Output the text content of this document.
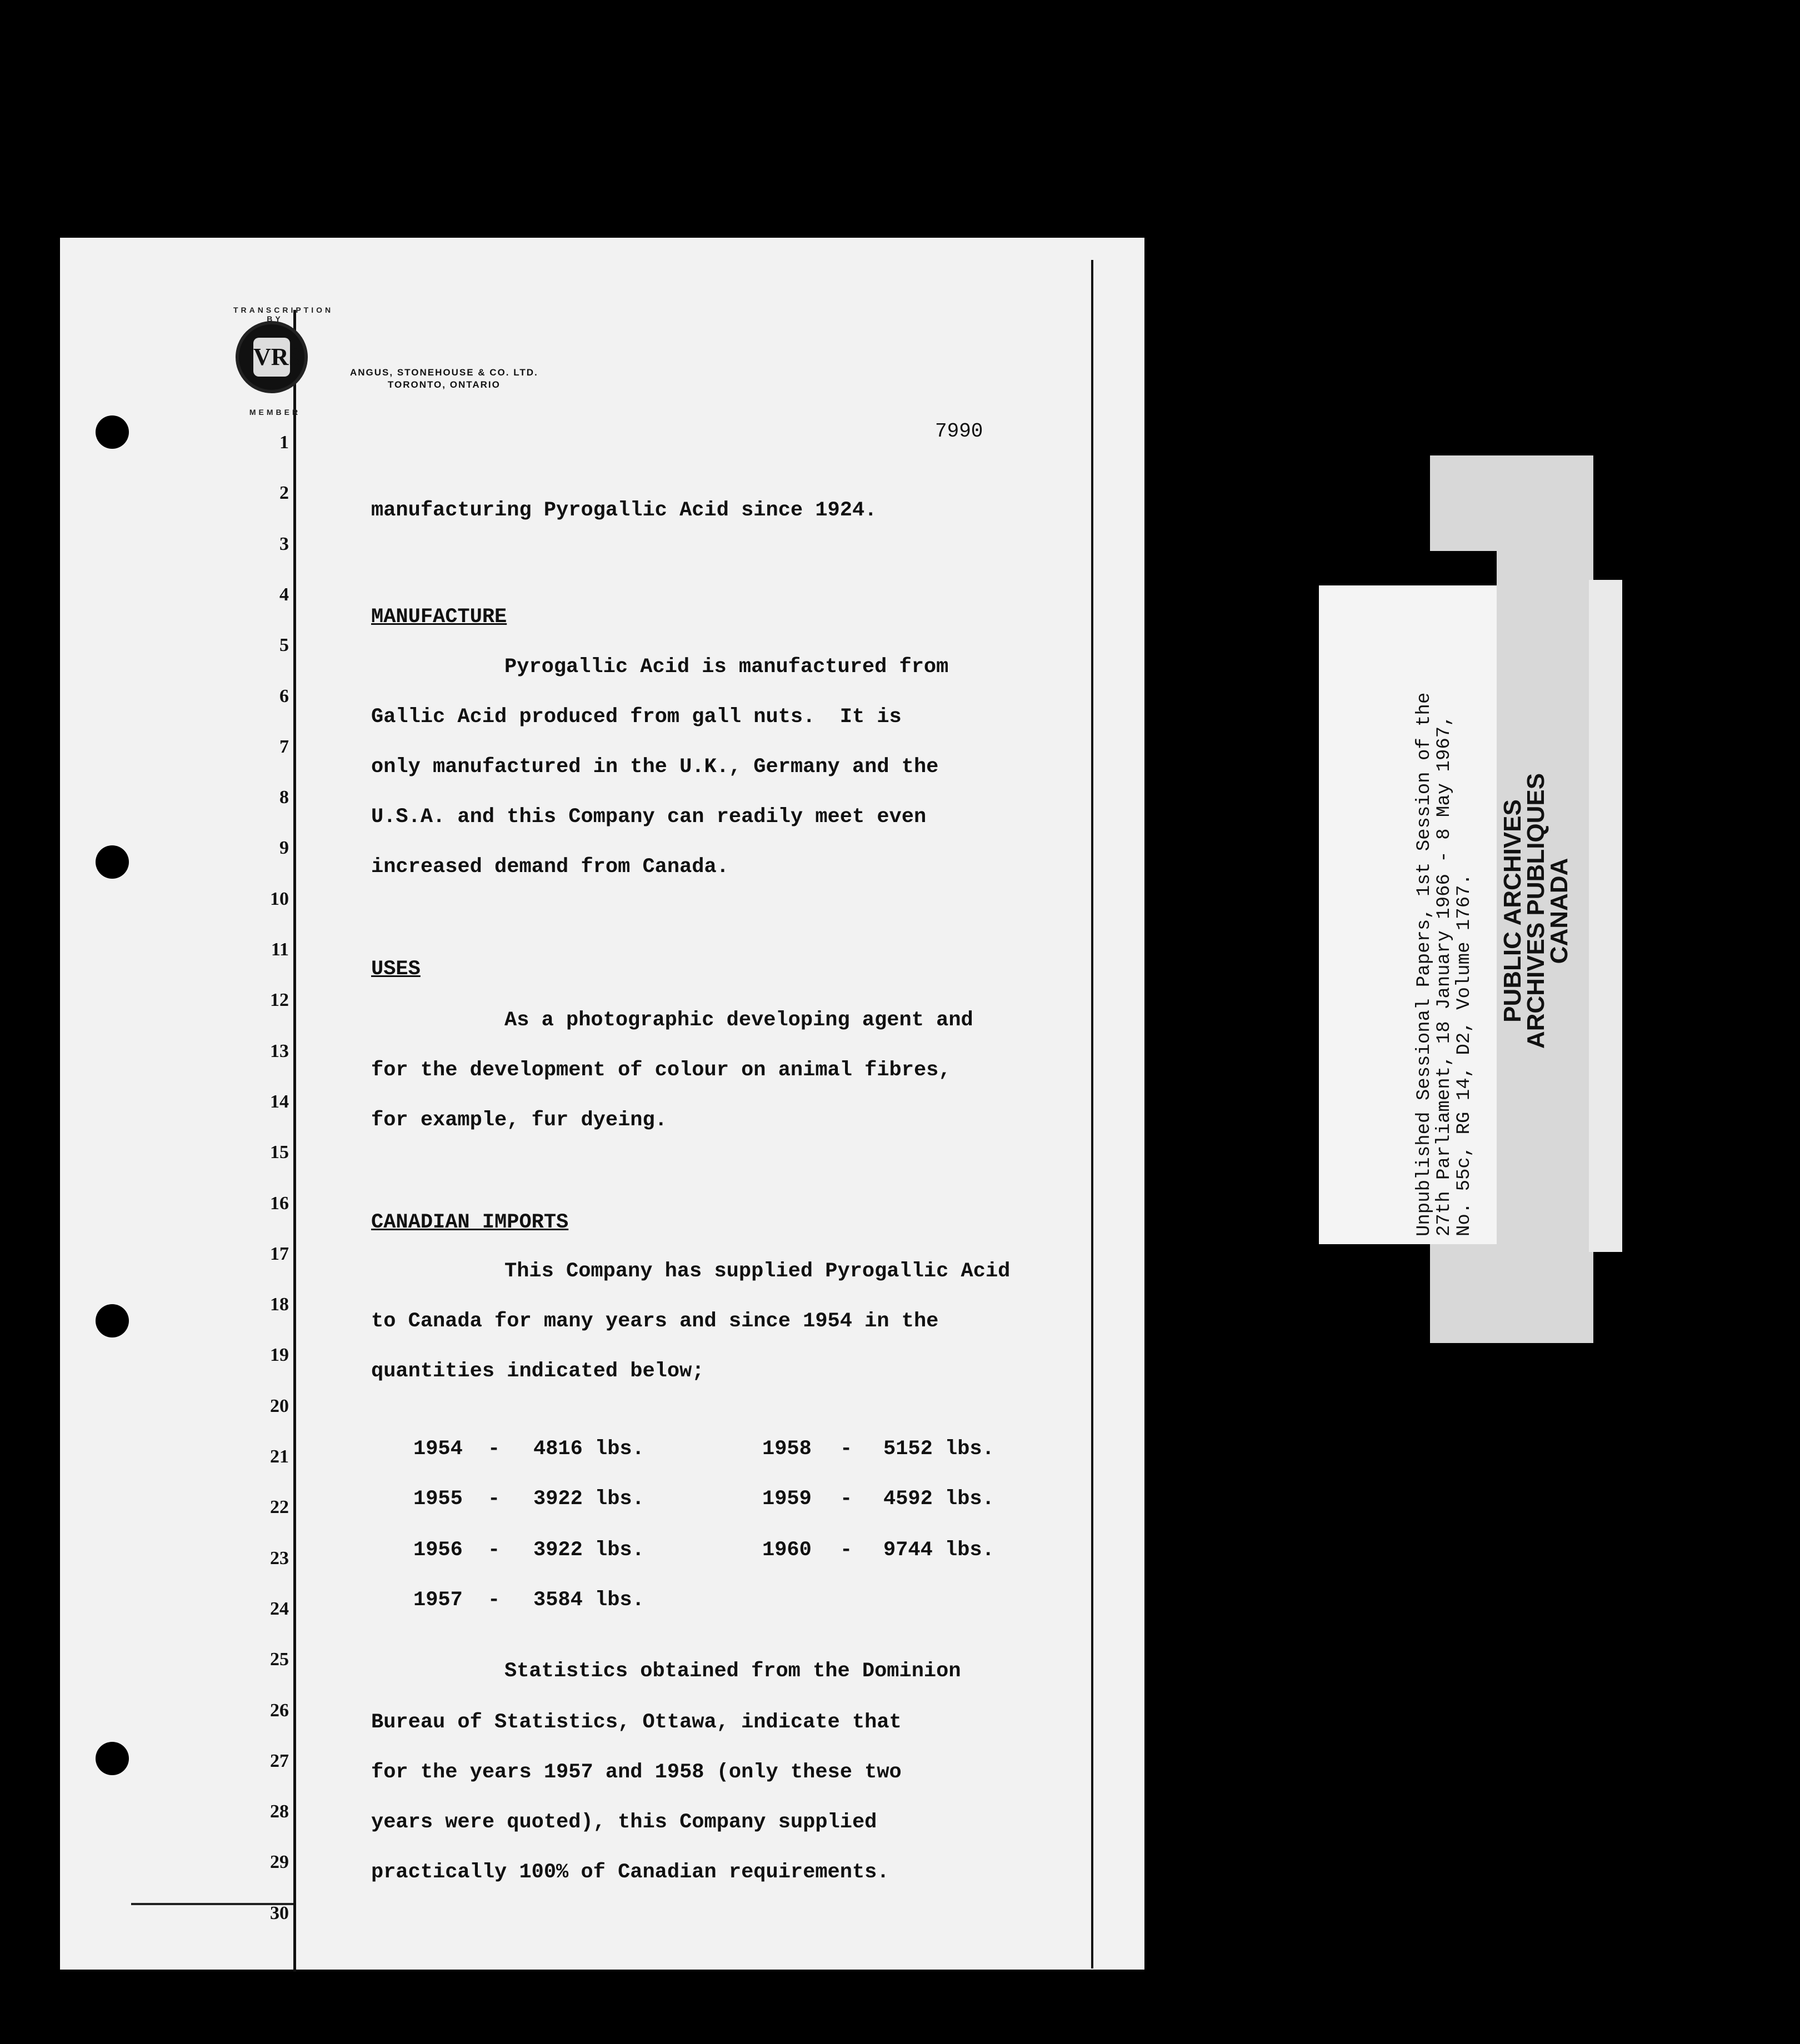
TRANSCRIPTION BY
VRS
MEMBER
ANGUS, STONEHOUSE & CO. LTD.
TORONTO, ONTARIO
7990
manufacturing Pyrogallic Acid since 1924.
MANUFACTURE
Pyrogallic Acid is manufactured from
Gallic Acid produced from gall nuts.  It is
only manufactured in the U.K., Germany and the
U.S.A. and this Company can readily meet even
increased demand from Canada.
USES
As a photographic developing agent and
for the development of colour on animal fibres,
for example, fur dyeing.
CANADIAN IMPORTS
This Company has supplied Pyrogallic Acid
to Canada for many years and since 1954 in the
quantities indicated below;
Statistics obtained from the Dominion
Bureau of Statistics, Ottawa, indicate that
for the years 1957 and 1958 (only these two
years were quoted), this Company supplied
practically 100% of Canadian requirements.
1
2
3
4
5
6
7
8
9
10
11
12
13
14
15
16
17
18
19
20
21
22
23
24
25
26
27
28
29
30
1954 - 4816 lbs.
1955 - 3922 lbs.
1956 - 3922 lbs.
1957 - 3584 lbs.
1958 - 5152 lbs.
1959 - 4592 lbs.
1960 - 9744 lbs.
Unpublished Sessional Papers, 1st Session of the
27th Parliament, 18 January 1966 - 8 May 1967,
No. 55c, RG 14, D2, Volume 1767. PUBLIC ARCHIVES
ARCHIVES PUBLIQUES
CANADA
